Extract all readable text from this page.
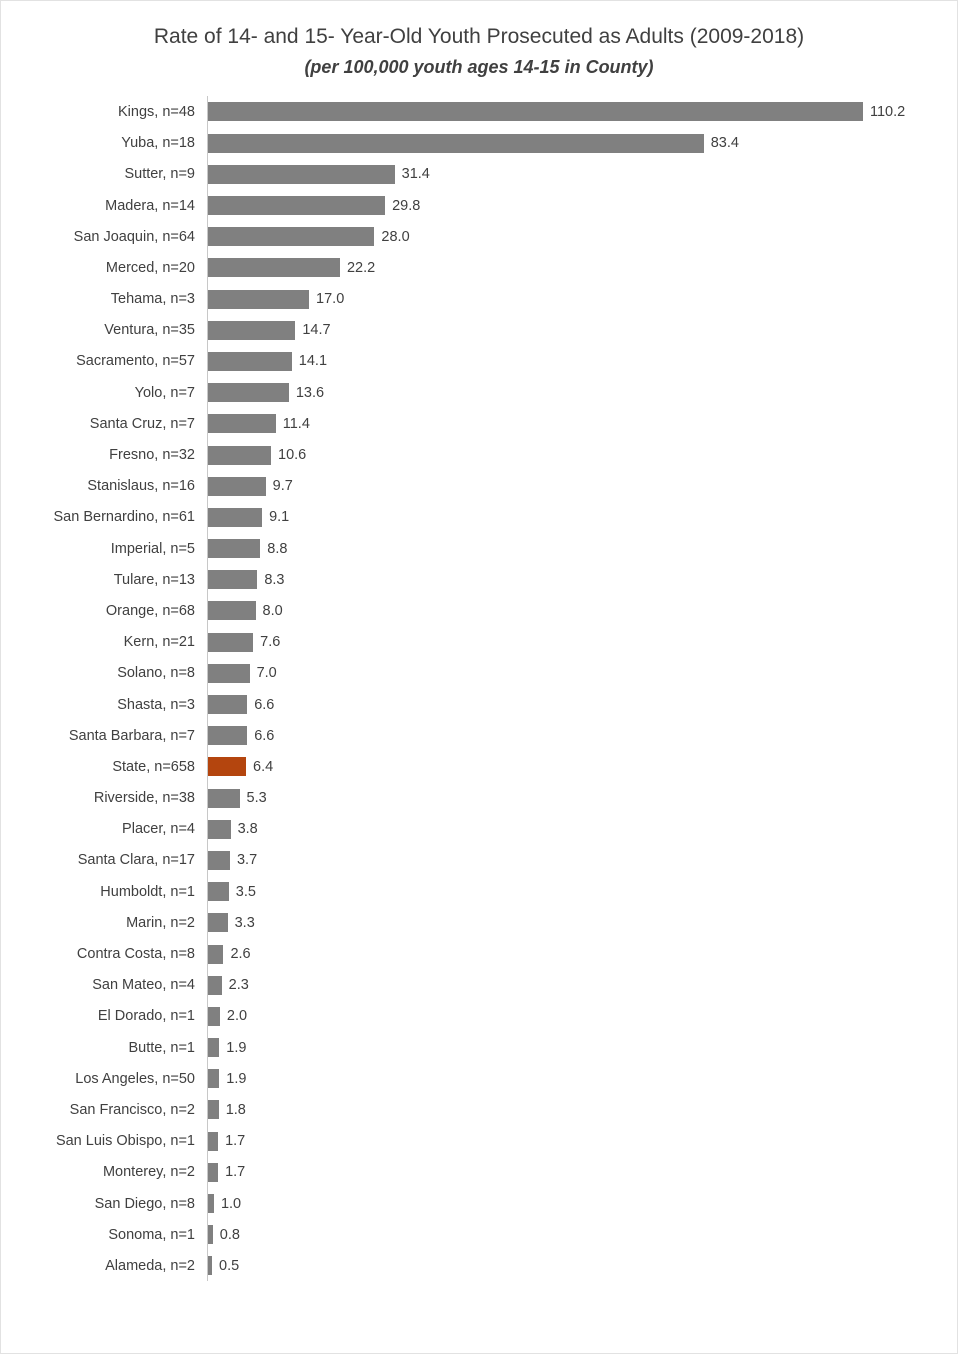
Rate of 14- and 15- Year-Old Youth Prosecuted as Adults (2009-2018)
(per 100,000 youth ages 14-15 in County)
Kings, n=48	110.2
Yuba, n=18	83.4
Sutter, n=9	31.4
Madera, n=14	29.8
San Joaquin, n=64	28.0
Merced, n=20	22.2
Tehama, n=3	17.0
Ventura, n=35	14.7
Sacramento, n=57	14.1
Yolo, n=7	13.6
Santa Cruz, n=7	11.4
Fresno, n=32	10.6
Stanislaus, n=16	9.7
San Bernardino, n=61	9.1
Imperial, n=5	8.8
Tulare, n=13	8.3
Orange, n=68	8.0
Kern, n=21	7.6
Solano, n=8	7.0
Shasta, n=3	6.6
Santa Barbara, n=7	6.6
State, n=658	6.4
Riverside, n=38	5.3
Placer, n=4	3.8
Santa Clara, n=17	3.7
Humboldt, n=1	3.5
Marin, n=2	3.3
Contra Costa, n=8	2.6
San Mateo, n=4	2.3
El Dorado, n=1	2.0
Butte, n=1	1.9
Los Angeles, n=50	1.9
San Francisco, n=2	1.8
San Luis Obispo, n=1	1.7
Monterey, n=2	1.7
San Diego, n=8	1.0
Sonoma, n=1	0.8
Alameda, n=2	0.5
